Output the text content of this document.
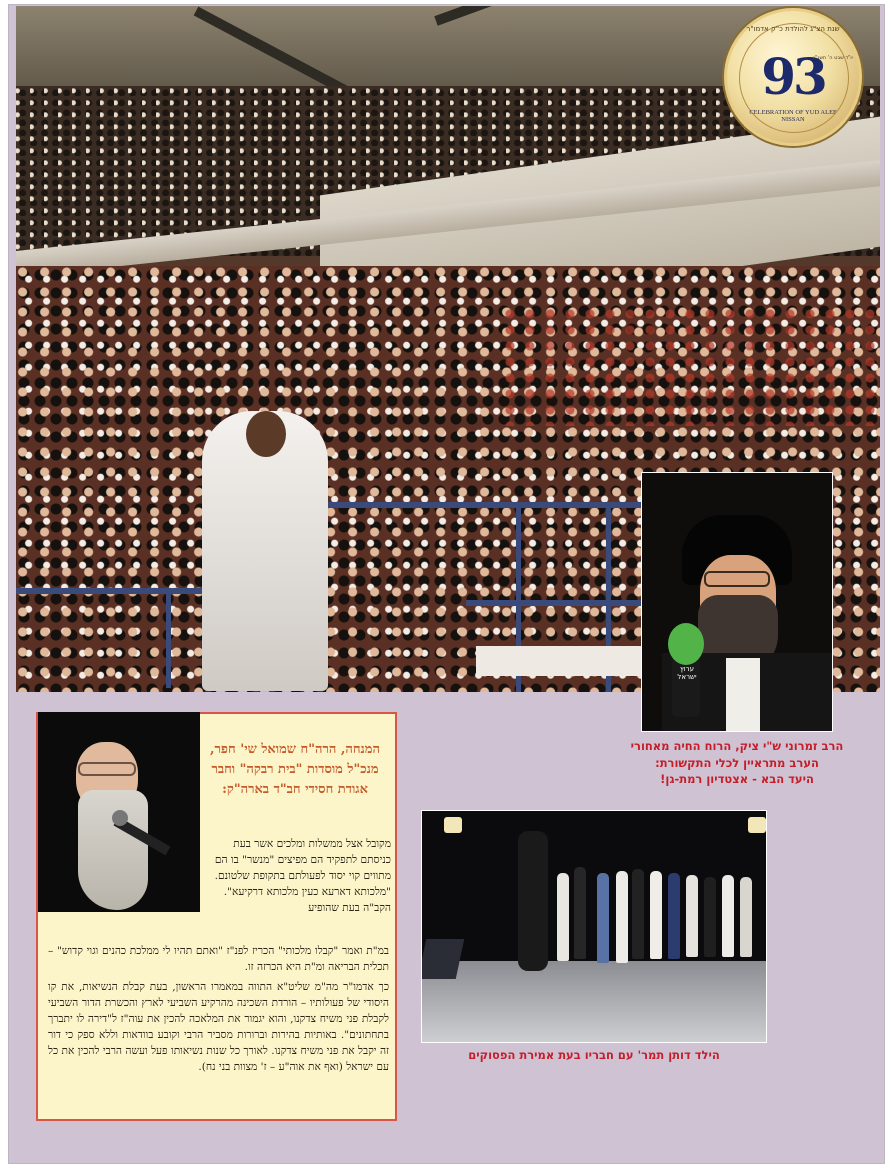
שנת הצ"ג להולדת כ"ק אדמו"ר
93
יו"ד שבט ה' תשנ"ג
CELEBRATION OF YUD ALEF NISSAN
ערוץ ישראל
הרב זמרוני ש"י ציק, הרוח החיה מאחורי
הערב מתראיין לכלי התקשורת:
היעד הבא - אצטדיון רמת-גן!
המנחה, הרה"ח שמואל שי' חפר, מנכ"ל מוסדות "בית רבקה" וחבר אגודת חסידי חב"ד בארה"ק:
מקובל אצל ממשלות ומלכים אשר בעת כניסתם לתפקיד הם מפיצים "מנשר" בו הם מתווים קוי יסוד לפעולתם בתקופת שלטונם. "מלכותא דארעא כעין מלכותא דרקיעא". הקב"ה בעת שהופיע
במ"ת ואמר "קבלו מלכותי" הכריז לפנ"ז "ואתם תהיו לי ממלכת כהנים וגוי קדוש" – תכלית הבריאה ומ"ת היא הכרזה זו.
כך אדמו"ר מה"מ שליט"א התווה במאמרו הראשון, בעת קבלת הנשיאות, את קו היסודי של פעולותיו – הורדת השכינה מהרקיע השביעי לארץ והכשרת הדור השביעי לקבלת פני משיח צדקנו, והוא יגמור את המלאכה להכין את עוה"ז ל"דירה לו יתברך בתחתונים". באותיות בהירות וברורות מסביר הרבי וקובע בוודאות וללא ספק כי דור זה יקבל את פני משיח צדקנו. לאורך כל שנות נשיאותו פעל ועשה הרבי להכין את כל עם ישראל (ואף את אוה"ע – ז' מצוות בני נח).
הילד דותן תמר' עם חבריו בעת אמירת הפסוקים
